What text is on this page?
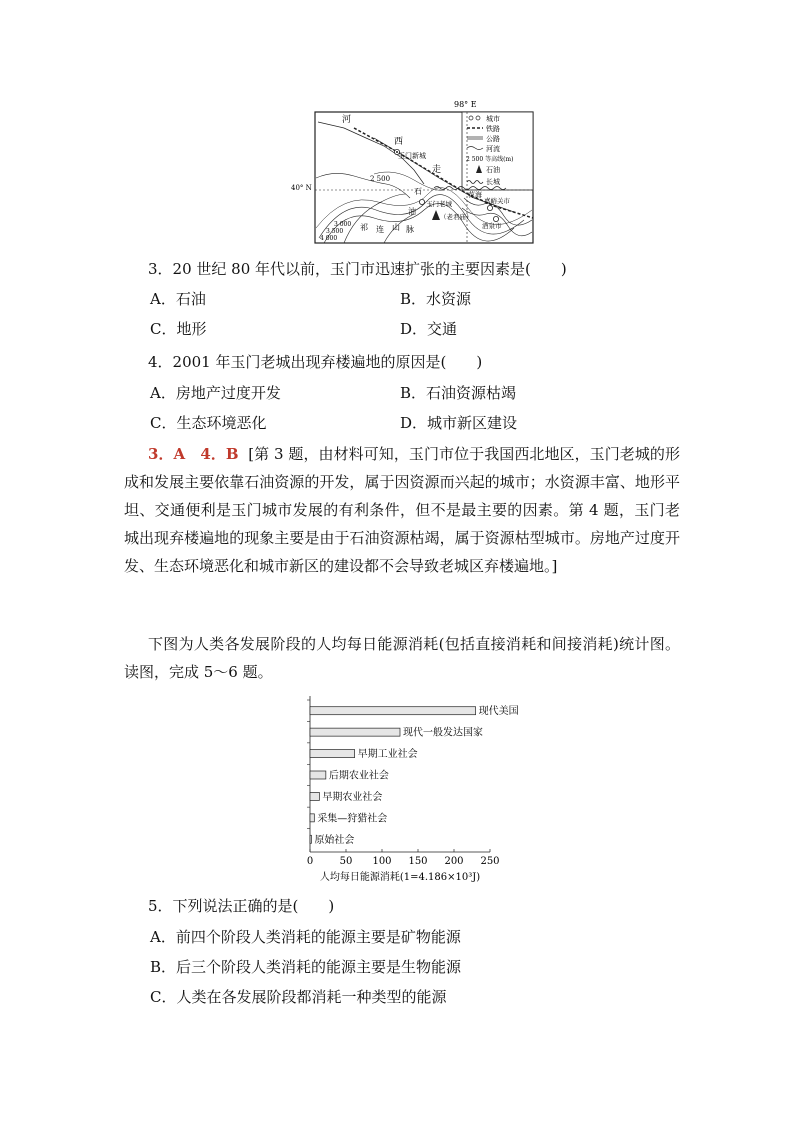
98° E
城市
铁路
公路
河流
2 500 等高线(m)
石油
长城
河
西
玉门新城
走
2 500
40° N
花海
石
油
玉门老城
（老君庙）
嘉峪关市
酒泉市
3 000
3 500
4 000
祁 连 山 脉
3．20 世纪 80 年代以前，玉门市迅速扩张的主要因素是(　　)
A．石油	B．水资源
C．地形	D．交通
4．2001 年玉门老城出现弃楼遍地的原因是(　　)
A．房地产过度开发	B．石油资源枯竭
C．生态环境恶化	D．城市新区建设

3．A　4．B [第 3 题，由材料可知，玉门市位于我国西北地区，玉门老城的形成和发展主要依靠石油资源的开发，属于因资源而兴起的城市；水资源丰富、地形平坦、交通便利是玉门城市发展的有利条件，但不是最主要的因素。第 4 题，玉门老城出现弃楼遍地的现象主要是由于石油资源枯竭，属于资源枯型城市。房地产过度开发、生态环境恶化和城市新区的建设都不会导致老城区弃楼遍地。]

下图为人类各发展阶段的人均每日能源消耗(包括直接消耗和间接消耗)统计图。读图，完成 5～6 题。

人均每日能源消耗(1=4.186×10³J)
现代美国
现代一般发达国家
早期工业社会
后期农业社会
早期农业社会
采集—狩猎社会
原始社会
0	50 100 150 200 250
5．下列说法正确的是(　　)
A．前四个阶段人类消耗的能源主要是矿物能源
B．后三个阶段人类消耗的能源主要是生物能源
C．人类在各发展阶段都消耗一种类型的能源
